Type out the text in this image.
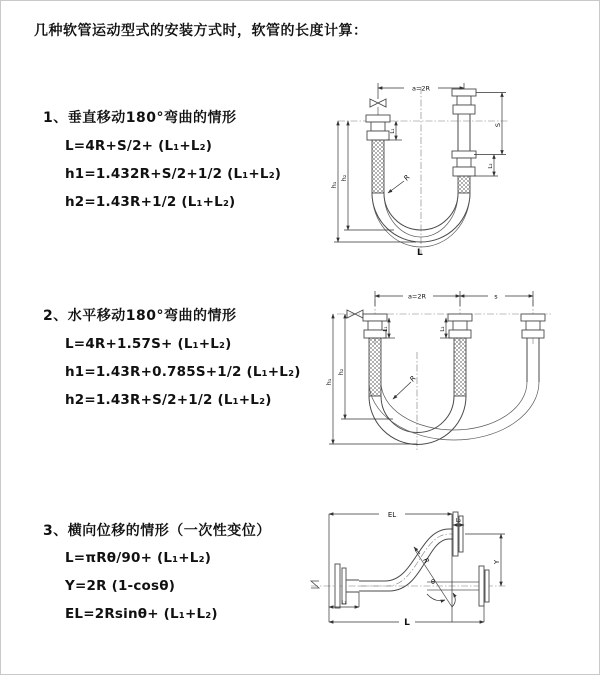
几种软管运动型式的安装方式时，软管的长度计算：
1、垂直移动180°弯曲的情形
L=4R+S/2+ (L₁+L₂)
h1=1.432R+S/2+1/2 (L₁+L₂)
h2=1.43R+1/2 (L₁+L₂)
a=2R
h₁
h₂
L₁
S
L₂
R
L
2、水平移动180°弯曲的情形
L=4R+1.57S+ (L₁+L₂)
h1=1.43R+0.785S+1/2 (L₁+L₂)
h2=1.43R+S/2+1/2 (L₁+L₂)
a=2R	s
h₁
h₂
L₁	L₂
R
3、横向位移的情形（一次性变位）
L=πRθ/90+ (L₁+L₂)
Y=2R (1-cosθ)
EL=2Rsinθ+ (L₁+L₂)
EL
L₂
Y
θ
R
L
L₁
